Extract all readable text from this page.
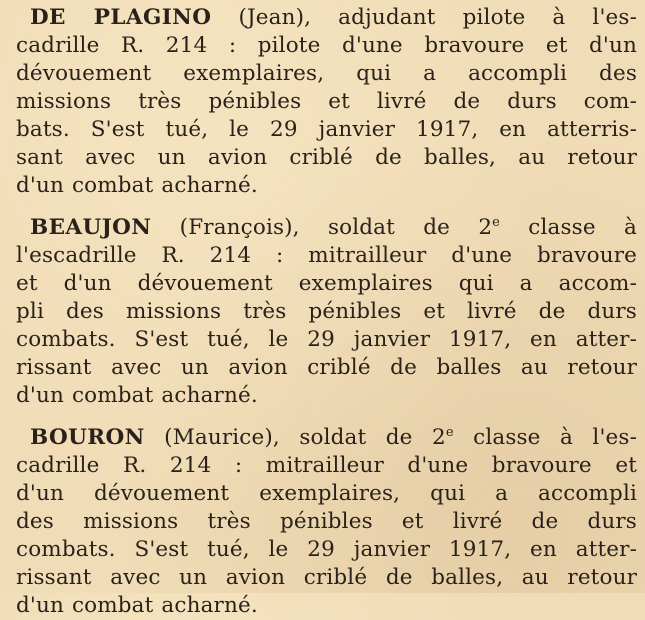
DE PLAGINO (Jean), adjudant pilote à l'es-
cadrille R. 214 : pilote d'une bravoure et d'un
dévouement exemplaires, qui a accompli des
missions très pénibles et livré de durs com-
bats. S'est tué, le 29 janvier 1917, en atterris-
sant avec un avion criblé de balles, au retour
d'un combat acharné.
BEAUJON (François), soldat de 2e classe à
l'escadrille R. 214 : mitrailleur d'une bravoure
et d'un dévouement exemplaires qui a accom-
pli des missions très pénibles et livré de durs
combats. S'est tué, le 29 janvier 1917, en atter-
rissant avec un avion criblé de balles au retour
d'un combat acharné.
BOURON (Maurice), soldat de 2e classe à l'es-
cadrille R. 214 : mitrailleur d'une bravoure et
d'un dévouement exemplaires, qui a accompli
des missions très pénibles et livré de durs
combats. S'est tué, le 29 janvier 1917, en atter-
rissant avec un avion criblé de balles, au retour
d'un combat acharné.
